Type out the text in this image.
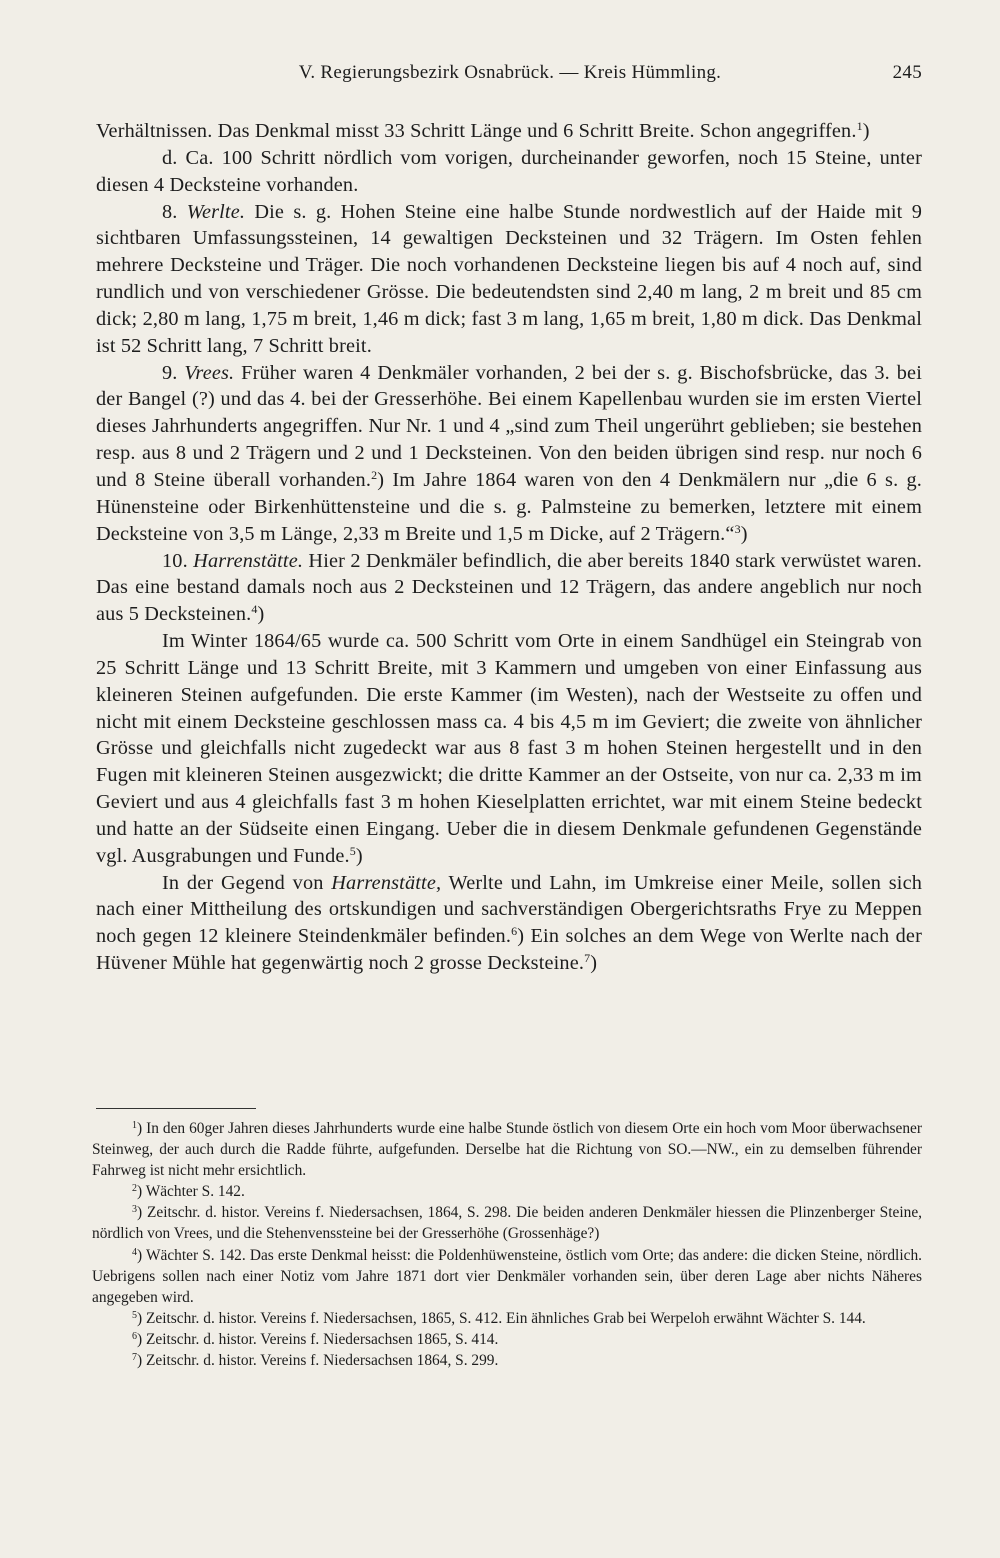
V. Regierungsbezirk Osnabrück. — Kreis Hümmling.	245

Verhältnissen. Das Denkmal misst 33 Schritt Länge und 6 Schritt Breite. Schon angegriffen.$^1$)

d. Ca. 100 Schritt nördlich vom vorigen, durcheinander geworfen, noch 15 Steine, unter diesen 4 Decksteine vorhanden.

8. Werlte. Die s. g. Hohen Steine eine halbe Stunde nordwestlich auf der Haide mit 9 sichtbaren Umfassungssteinen, 14 gewaltigen Decksteinen und 32 Trägern. Im Osten fehlen mehrere Decksteine und Träger. Die noch vorhandenen Decksteine liegen bis auf 4 noch auf, sind rundlich und von verschiedener Grösse. Die bedeutendsten sind 2,40 m lang, 2 m breit und 85 cm dick; 2,80 m lang, 1,75 m breit, 1,46 m dick; fast 3 m lang, 1,65 m breit, 1,80 m dick. Das Denkmal ist 52 Schritt lang, 7 Schritt breit.

9. Vrees. Früher waren 4 Denkmäler vorhanden, 2 bei der s. g. Bischofsbrücke, das 3. bei der Bangel (?) und das 4. bei der Gresserhöhe. Bei einem Kapellenbau wurden sie im ersten Viertel dieses Jahrhunderts angegriffen. Nur Nr. 1 und 4 „sind zum Theil ungerührt geblieben; sie bestehen resp. aus 8 und 2 Trägern und 2 und 1 Decksteinen. Von den beiden übrigen sind resp. nur noch 6 und 8 Steine überall vorhanden.$^2$) Im Jahre 1864 waren von den 4 Denkmälern nur „die 6 s. g. Hünensteine oder Birkenhüttensteine und die s. g. Palmsteine zu bemerken, letztere mit einem Decksteine von 3,5 m Länge, 2,33 m Breite und 1,5 m Dicke, auf 2 Trägern.“$^3$)

10. Harrenstätte. Hier 2 Denkmäler befindlich, die aber bereits 1840 stark verwüstet waren. Das eine bestand damals noch aus 2 Decksteinen und 12 Trägern, das andere angeblich nur noch aus 5 Decksteinen.$^4$)

Im Winter 1864/65 wurde ca. 500 Schritt vom Orte in einem Sandhügel ein Steingrab von 25 Schritt Länge und 13 Schritt Breite, mit 3 Kammern und umgeben von einer Einfassung aus kleineren Steinen aufgefunden. Die erste Kammer (im Westen), nach der Westseite zu offen und nicht mit einem Decksteine geschlossen mass ca. 4 bis 4,5 m im Geviert; die zweite von ähnlicher Grösse und gleichfalls nicht zugedeckt war aus 8 fast 3 m hohen Steinen hergestellt und in den Fugen mit kleineren Steinen ausgezwickt; die dritte Kammer an der Ostseite, von nur ca. 2,33 m im Geviert und aus 4 gleichfalls fast 3 m hohen Kieselplatten errichtet, war mit einem Steine bedeckt und hatte an der Südseite einen Eingang. Ueber die in diesem Denkmale gefundenen Gegenstände vgl. Ausgrabungen und Funde.$^5$)

In der Gegend von Harrenstätte, Werlte und Lahn, im Umkreise einer Meile, sollen sich nach einer Mittheilung des ortskundigen und sachverständigen Obergerichtsraths Frye zu Meppen noch gegen 12 kleinere Steindenkmäler befinden.$^6$) Ein solches an dem Wege von Werlte nach der Hüvener Mühle hat gegenwärtig noch 2 grosse Decksteine.$^7$)

$^1$) In den 60ger Jahren dieses Jahrhunderts wurde eine halbe Stunde östlich von diesem Orte ein hoch vom Moor überwachsener Steinweg, der auch durch die Radde führte, aufgefunden. Derselbe hat die Richtung von SO.—NW., ein zu demselben führender Fahrweg ist nicht mehr ersichtlich.

$^2$) Wächter S. 142.

$^3$) Zeitschr. d. histor. Vereins f. Niedersachsen, 1864, S. 298. Die beiden anderen Denkmäler hiessen die Plinzenberger Steine, nördlich von Vrees, und die Stehenvenssteine bei der Gresserhöhe (Grossenhäge?)

$^4$) Wächter S. 142. Das erste Denkmal heisst: die Poldenhüwensteine, östlich vom Orte; das andere: die dicken Steine, nördlich. Uebrigens sollen nach einer Notiz vom Jahre 1871 dort vier Denkmäler vorhanden sein, über deren Lage aber nichts Näheres angegeben wird.

$^5$) Zeitschr. d. histor. Vereins f. Niedersachsen, 1865, S. 412. Ein ähnliches Grab bei Werpeloh erwähnt Wächter S. 144.

$^6$) Zeitschr. d. histor. Vereins f. Niedersachsen 1865, S. 414.

$^7$) Zeitschr. d. histor. Vereins f. Niedersachsen 1864, S. 299.
